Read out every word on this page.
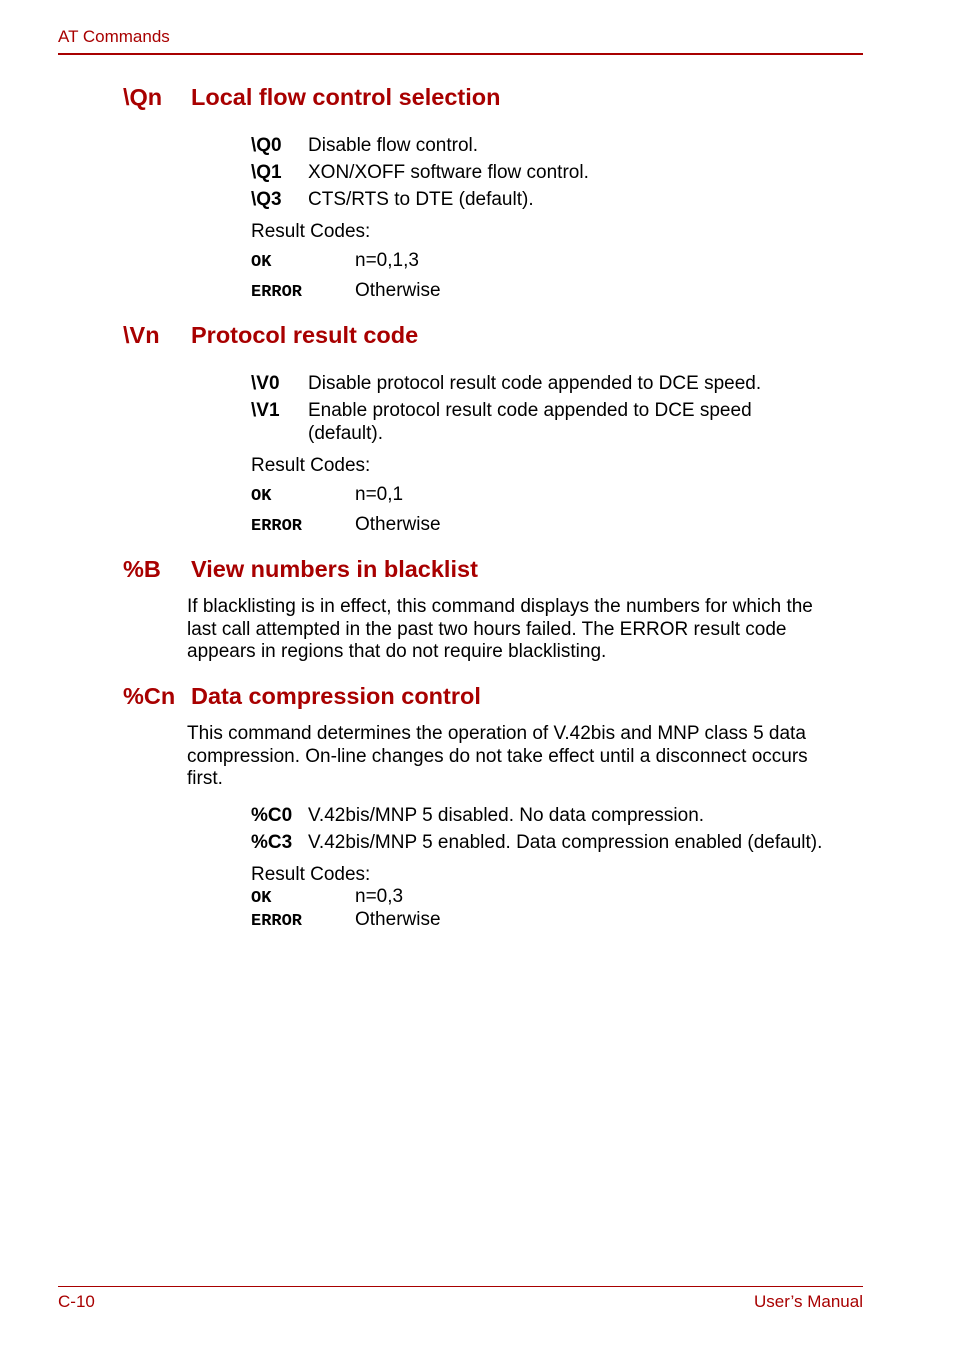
AT Commands
\Qn Local flow control selection
\Q0 Disable flow control.
\Q1 XON/XOFF software flow control.
\Q3 CTS/RTS to DTE (default).
Result Codes:
OK	n=0,1,3
ERROR	Otherwise
\Vn Protocol result code
\V0 Disable protocol result code appended to DCE speed.
\V1 Enable protocol result code appended to DCE speed
(default).
Result Codes:
OK	n=0,1
ERROR	Otherwise
%B View numbers in blacklist
If blacklisting is in effect, this command displays the numbers for which the
last call attempted in the past two hours failed. The ERROR result code
appears in regions that do not require blacklisting.
%Cn Data compression control
This command determines the operation of V.42bis and MNP class 5 data
compression. On-line changes do not take effect until a disconnect occurs
first.
%C0 V.42bis/MNP 5 disabled. No data compression.
%C3 V.42bis/MNP 5 enabled. Data compression enabled (default).
Result Codes:
OK	n=0,3
ERROR	Otherwise
C-10	User’s Manual
